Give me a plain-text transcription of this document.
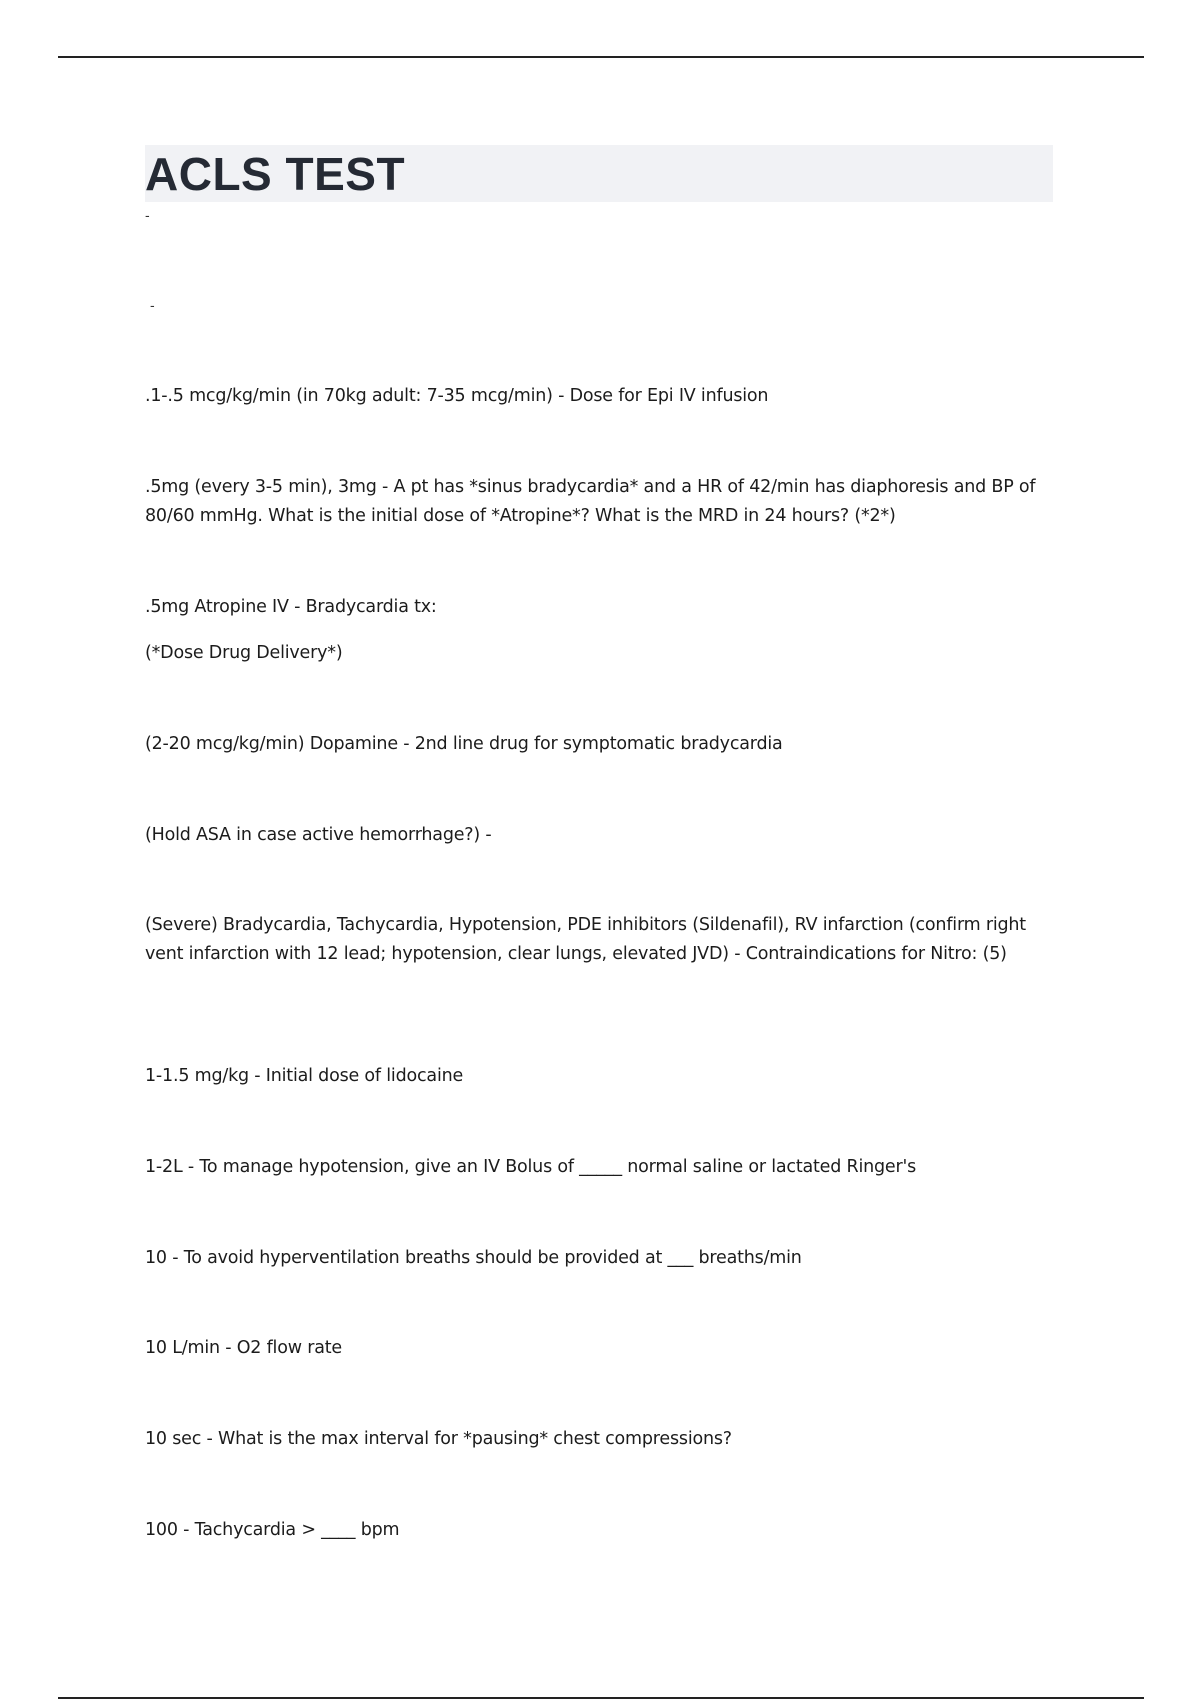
ACLS TEST
-
-

.1-.5 mcg/kg/min (in 70kg adult: 7-35 mcg/min) - Dose for Epi IV infusion

.5mg (every 3-5 min), 3mg - A pt has *sinus bradycardia* and a HR of 42/min has diaphoresis and BP of 80/60 mmHg. What is the initial dose of *Atropine*? What is the MRD in 24 hours? (*2*)

.5mg Atropine IV - Bradycardia tx:

(*Dose Drug Delivery*)

(2-20 mcg/kg/min) Dopamine - 2nd line drug for symptomatic bradycardia

(Hold ASA in case active hemorrhage?) -

(Severe) Bradycardia, Tachycardia, Hypotension, PDE inhibitors (Sildenafil), RV infarction (confirm right vent infarction with 12 lead; hypotension, clear lungs, elevated JVD) - Contraindications for Nitro: (5)

1-1.5 mg/kg - Initial dose of lidocaine

1-2L - To manage hypotension, give an IV Bolus of _____ normal saline or lactated Ringer's

10 - To avoid hyperventilation breaths should be provided at ___ breaths/min

10 L/min - O2 flow rate

10 sec - What is the max interval for *pausing* chest compressions?

100 - Tachycardia > ____ bpm
